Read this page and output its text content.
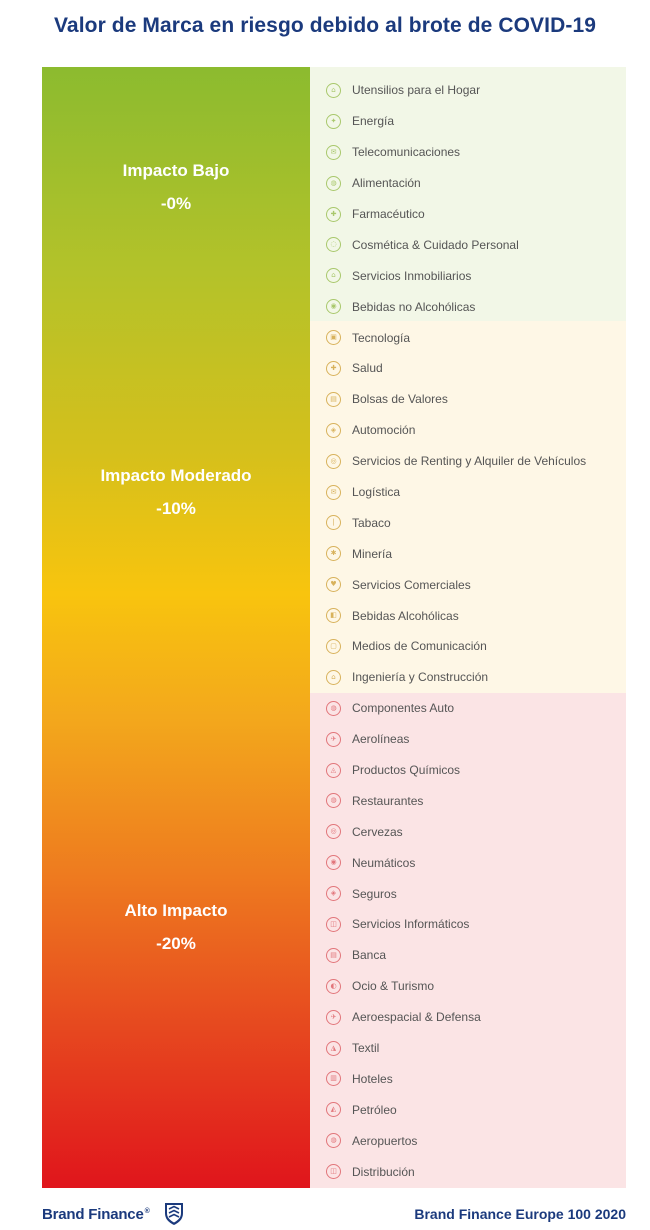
Valor de Marca en riesgo debido al brote de COVID-19
Impacto Bajo
-0%
Impacto Moderado
-10%
Alto Impacto
-20%
⌂	Utensilios para el Hogar
✦	Energía
✉	Telecomunicaciones
◍	Alimentación
✚	Farmacéutico
◌	Cosmética & Cuidado Personal
⌂	Servicios Inmobiliarios
◉	Bebidas no Alcohólicas
▣	Tecnología
✚	Salud
▤	Bolsas de Valores
◈	Automoción
◎	Servicios de Renting y Alquiler de Vehículos
✉	Logística
❘	Tabaco
✱	Minería
♥	Servicios Comerciales
◧	Bebidas Alcohólicas
▢	Medios de Comunicación
⌂	Ingeniería y Construcción
◍	Componentes Auto
✈	Aerolíneas
◬	Productos Químicos
◍	Restaurantes
◎	Cervezas
◉	Neumáticos
◈	Seguros
◫	Servicios Informáticos
▤	Banca
◐	Ocio & Turismo
✈	Aeroespacial & Defensa
◮	Textil
▥	Hoteles
◭	Petróleo
◍	Aeropuertos
◫	Distribución
Brand Finance®	Brand Finance Europe 100 2020
